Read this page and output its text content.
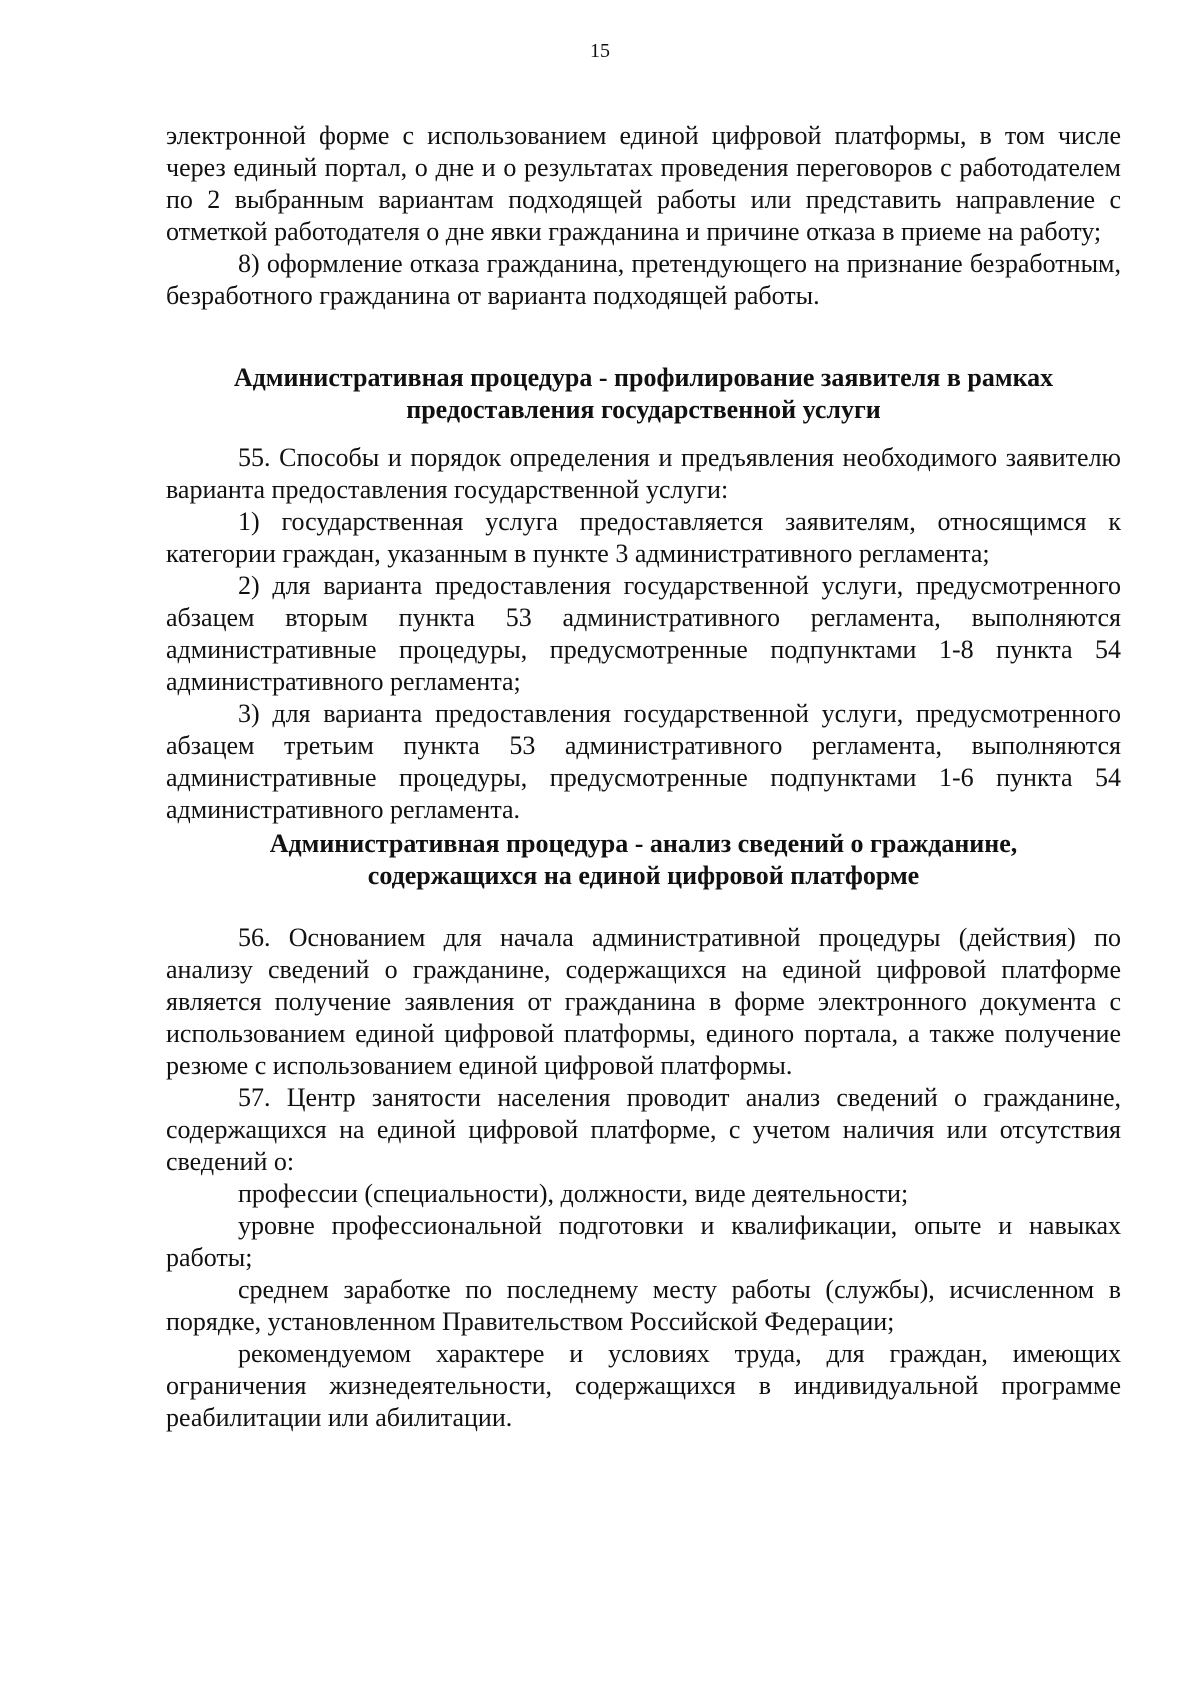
15

электронной форме с использованием единой цифровой платформы, в том числе через единый портал, о дне и о результатах проведения переговоров с работодателем по 2 выбранным вариантам подходящей работы или представить направление с отметкой работодателя о дне явки гражданина и причине отказа в приеме на работу;

8) оформление отказа гражданина, претендующего на признание безработным, безработного гражданина от варианта подходящей работы.

Административная процедура - профилирование заявителя в рамках
предоставления государственной услуги

55. Способы и порядок определения и предъявления необходимого заявителю варианта предоставления государственной услуги:

1) государственная услуга предоставляется заявителям, относящимся к категории граждан, указанным в пункте 3 административного регламента;

2) для варианта предоставления государственной услуги, предусмотренного абзацем вторым пункта 53 административного регламента, выполняются административные процедуры, предусмотренные подпунктами 1-8 пункта 54 административного регламента;

3) для варианта предоставления государственной услуги, предусмотренного абзацем третьим пункта 53 административного регламента, выполняются административные процедуры, предусмотренные подпунктами 1-6 пункта 54 административного регламента.

Административная процедура - анализ сведений о гражданине,
содержащихся на единой цифровой платформе

56. Основанием для начала административной процедуры (действия) по анализу сведений о гражданине, содержащихся на единой цифровой платформе является получение заявления от гражданина в форме электронного документа с использованием единой цифровой платформы, единого портала, а также получение резюме с использованием единой цифровой платформы.

57. Центр занятости населения проводит анализ сведений о гражданине, содержащихся на единой цифровой платформе, с учетом наличия или отсутствия сведений о:

профессии (специальности), должности, виде деятельности;

уровне профессиональной подготовки и квалификации, опыте и навыках работы;

среднем заработке по последнему месту работы (службы), исчисленном в порядке, установленном Правительством Российской Федерации;

рекомендуемом характере и условиях труда, для граждан, имеющих ограничения жизнедеятельности, содержащихся в индивидуальной программе реабилитации или абилитации.
